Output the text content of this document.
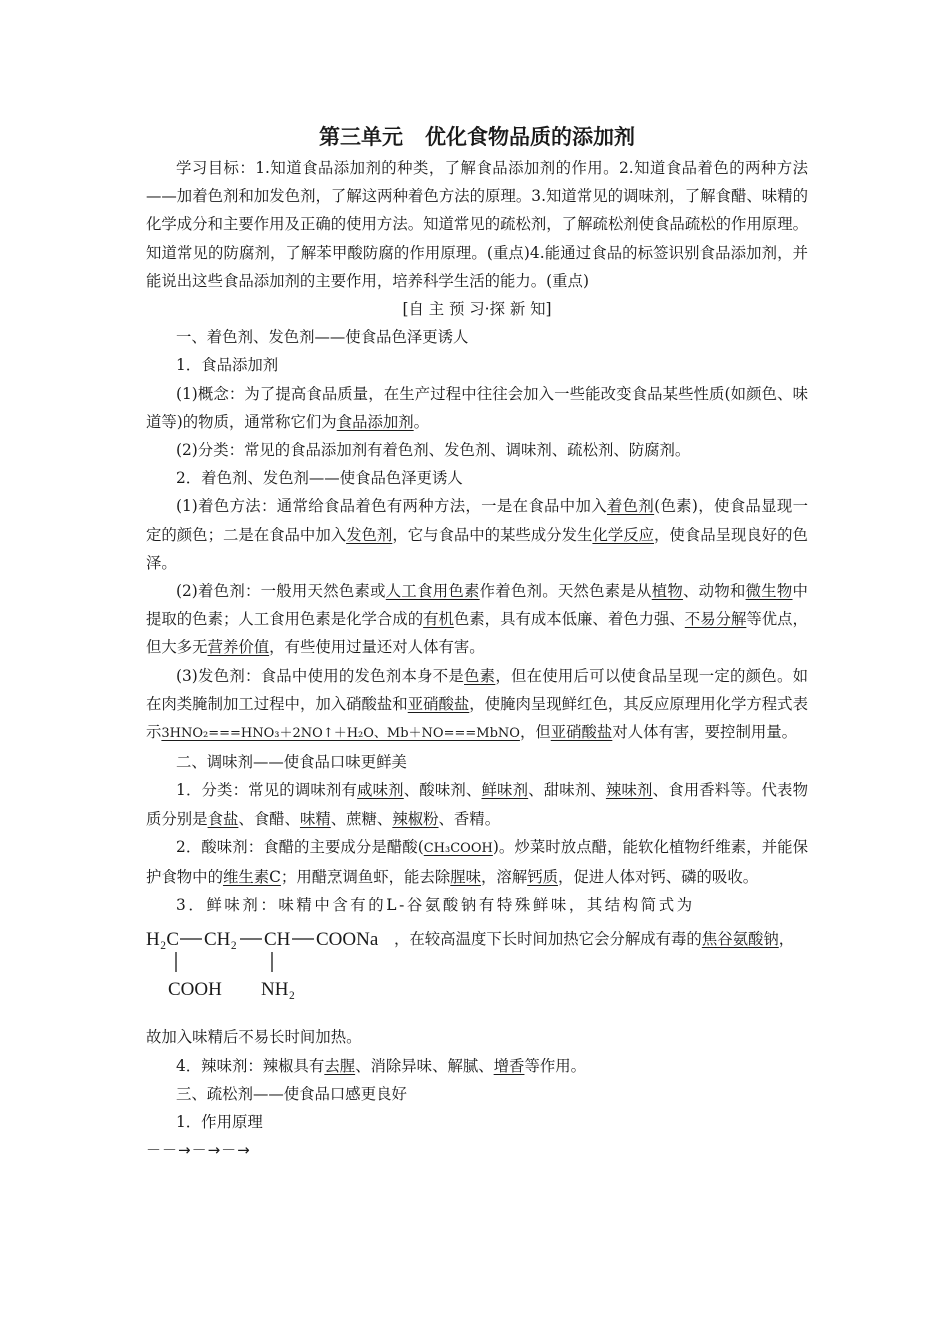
第三单元 优化食物品质的添加剂

学习目标：1.知道食品添加剂的种类，了解食品添加剂的作用。2.知道食品着色的两种方法——加着色剂和加发色剂，了解这两种着色方法的原理。3.知道常见的调味剂，了解食醋、味精的化学成分和主要作用及正确的使用方法。知道常见的疏松剂，了解疏松剂使食品疏松的作用原理。知道常见的防腐剂，了解苯甲酸防腐的作用原理。(重点)4.能通过食品的标签识别食品添加剂，并能说出这些食品添加剂的主要作用，培养科学生活的能力。(重点)

[自 主 预 习·探 新 知]

一、着色剂、发色剂——使食品色泽更诱人

1．食品添加剂

(1)概念：为了提高食品质量，在生产过程中往往会加入一些能改变食品某些性质(如颜色、味道等)的物质，通常称它们为食品添加剂。

(2)分类：常见的食品添加剂有着色剂、发色剂、调味剂、疏松剂、防腐剂。

2．着色剂、发色剂——使食品色泽更诱人

(1)着色方法：通常给食品着色有两种方法，一是在食品中加入着色剂(色素)，使食品显现一定的颜色；二是在食品中加入发色剂，它与食品中的某些成分发生化学反应，使食品呈现良好的色泽。

(2)着色剂：一般用天然色素或人工食用色素作着色剂。天然色素是从植物、动物和微生物中提取的色素；人工食用色素是化学合成的有机色素，具有成本低廉、着色力强、不易分解等优点，但大多无营养价值，有些使用过量还对人体有害。

(3)发色剂：食品中使用的发色剂本身不是色素，但在使用后可以使食品呈现一定的颜色。如在肉类腌制加工过程中，加入硝酸盐和亚硝酸盐，使腌肉呈现鲜红色，其反应原理用化学方程式表示3HNO₂===HNO₃＋2NO↑＋H₂O、Mb＋NO===MbNO，但亚硝酸盐对人体有害，要控制用量。

二、调味剂——使食品口味更鲜美

1．分类：常见的调味剂有咸味剂、酸味剂、鲜味剂、甜味剂、辣味剂、食用香料等。代表物质分别是食盐、食醋、味精、蔗糖、辣椒粉、香精。

2．酸味剂：食醋的主要成分是醋酸(CH₃COOH)。炒菜时放点醋，能软化植物纤维素，并能保护食物中的维生素C；用醋烹调鱼虾，能去除腥味，溶解钙质，促进人体对钙、磷的吸收。

3．鲜味剂：味精中含有的L-谷氨酸钠有特殊鲜味，其结构简式为

H₂C CH₂ CH COONa
COOH NH₂
，在较高温度下长时间加热它会分解成有毒的焦谷氨酸钠，

故加入味精后不易长时间加热。

4．辣味剂：辣椒具有去腥、消除异味、解腻、增香等作用。

三、疏松剂——使食品口感更良好

1．作用原理

－－→－→－→
